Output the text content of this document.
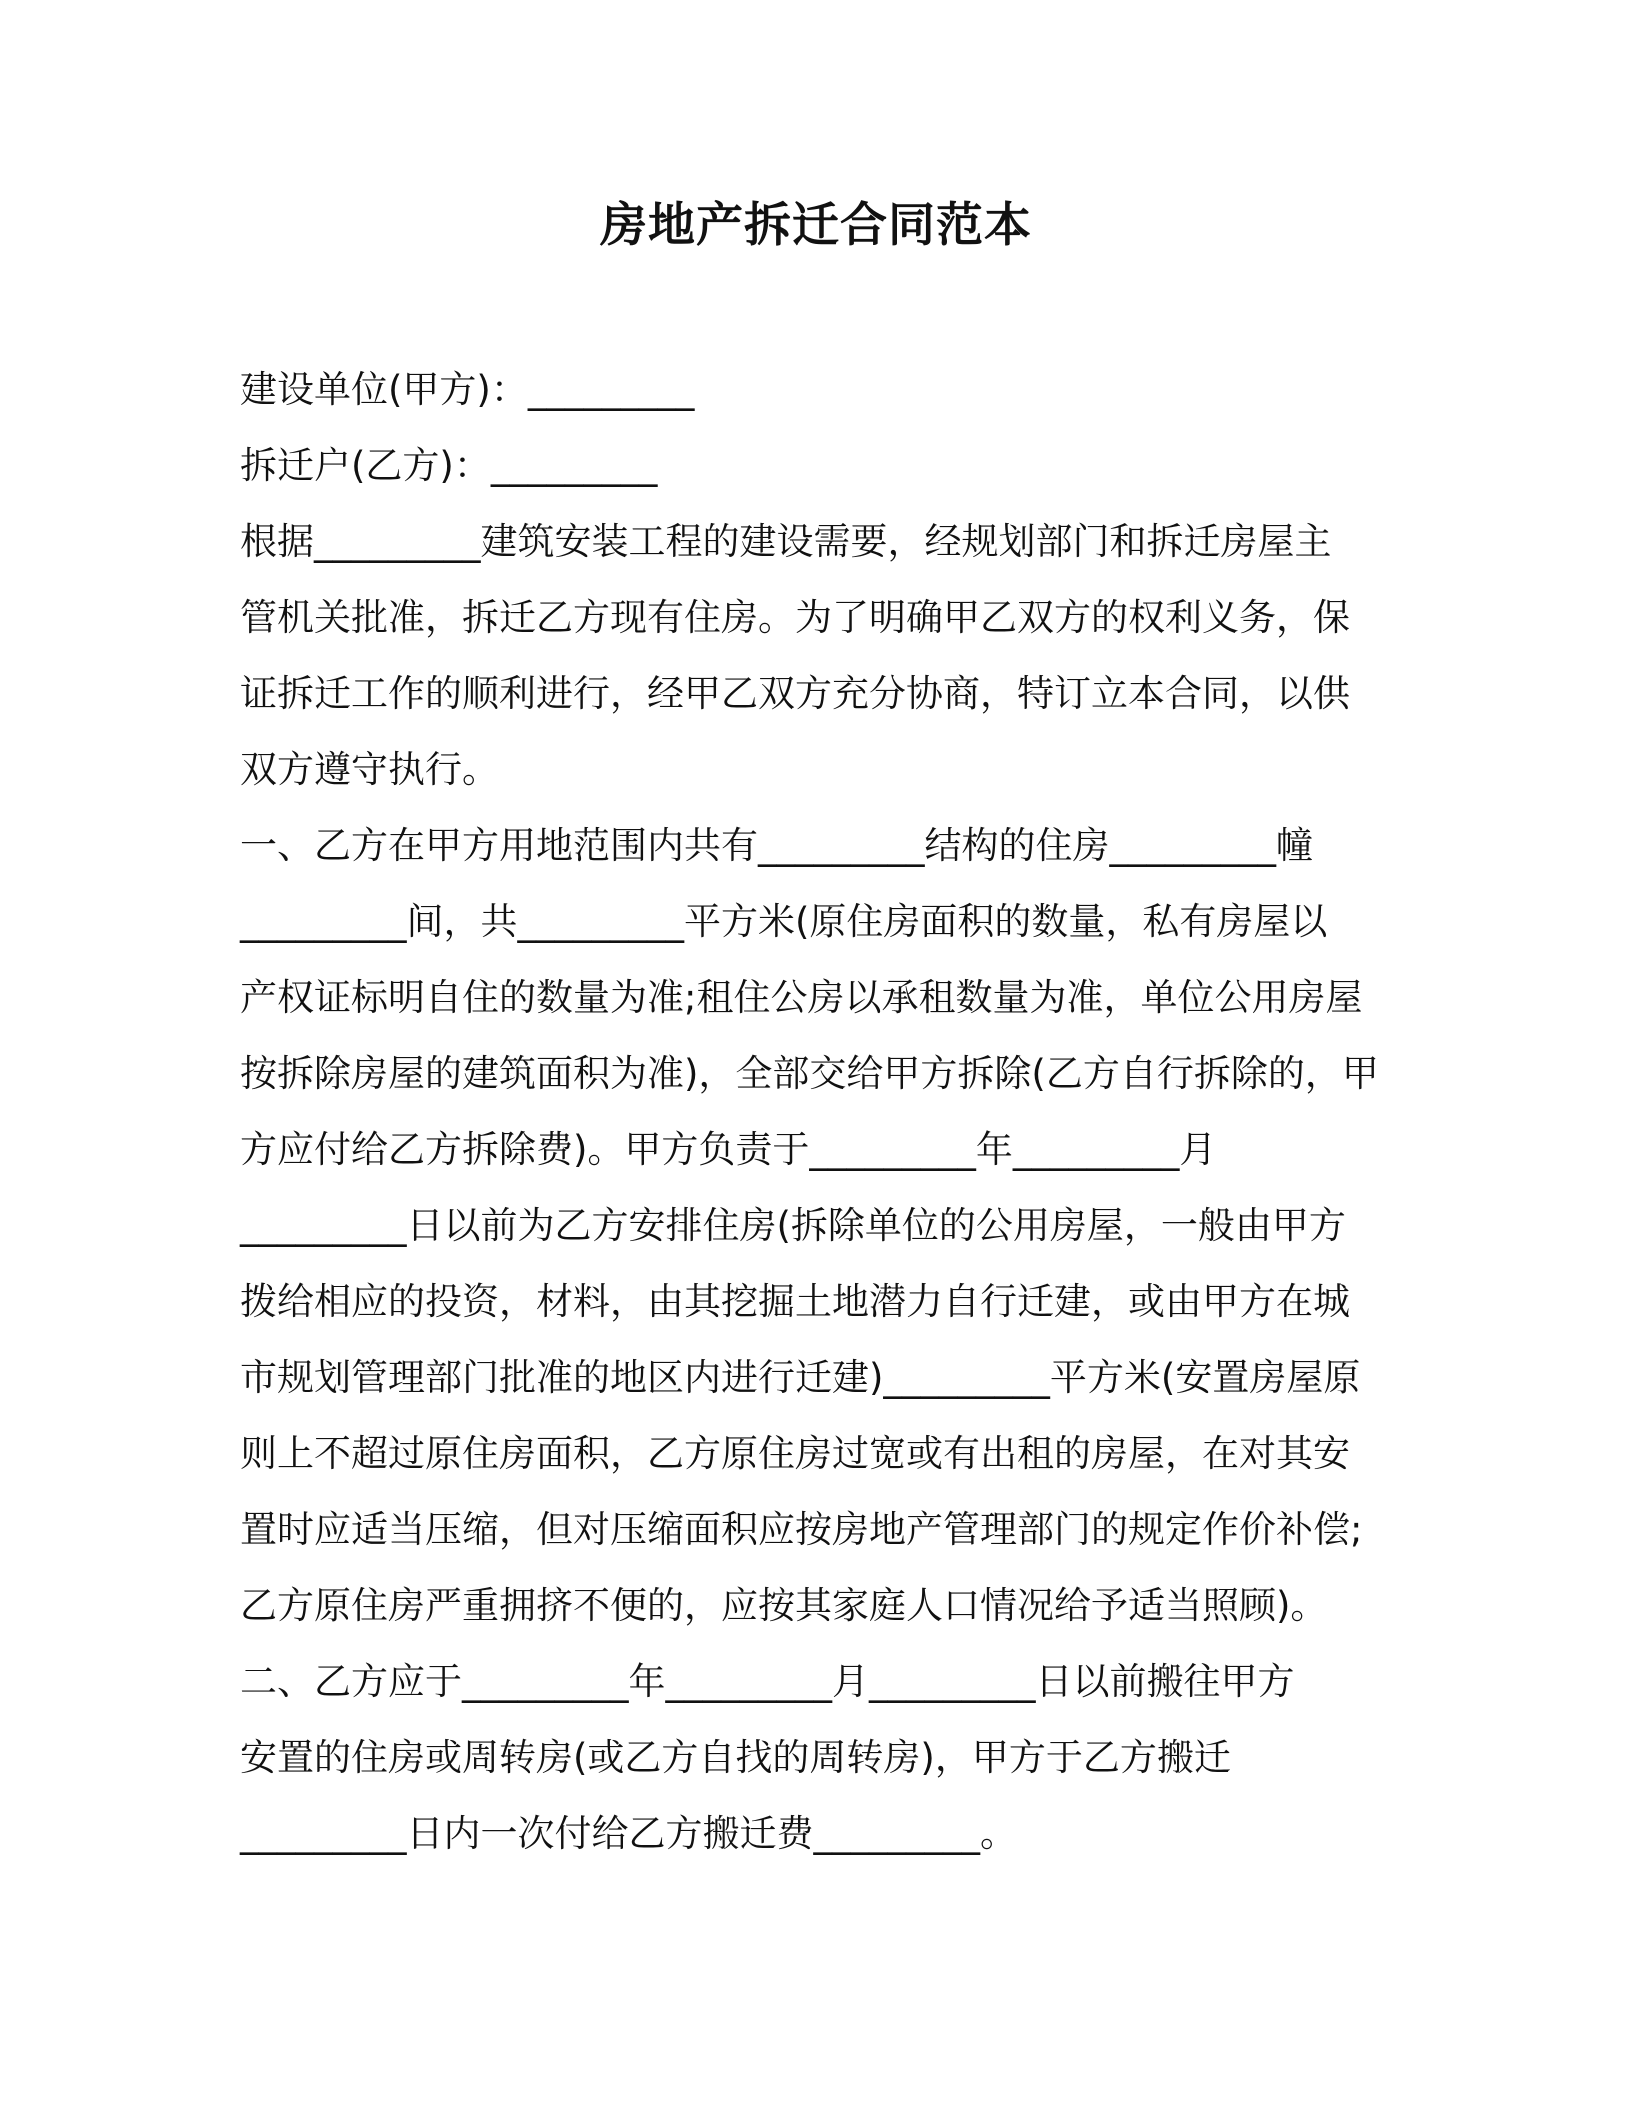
房地产拆迁合同范本
建设单位(甲方)：_________
拆迁户(乙方)：_________
根据_________建筑安装工程的建设需要，经规划部门和拆迁房屋主
管机关批准，拆迁乙方现有住房。为了明确甲乙双方的权利义务，保
证拆迁工作的顺利进行，经甲乙双方充分协商，特订立本合同，以供
双方遵守执行。
一、乙方在甲方用地范围内共有_________结构的住房_________幢
_________间，共_________平方米(原住房面积的数量，私有房屋以
产权证标明自住的数量为准;租住公房以承租数量为准，单位公用房屋
按拆除房屋的建筑面积为准)，全部交给甲方拆除(乙方自行拆除的，甲
方应付给乙方拆除费)。甲方负责于_________年_________月
_________日以前为乙方安排住房(拆除单位的公用房屋，一般由甲方
拨给相应的投资，材料，由其挖掘土地潜力自行迁建，或由甲方在城
市规划管理部门批准的地区内进行迁建)_________平方米(安置房屋原
则上不超过原住房面积，乙方原住房过宽或有出租的房屋，在对其安
置时应适当压缩，但对压缩面积应按房地产管理部门的规定作价补偿;
乙方原住房严重拥挤不便的，应按其家庭人口情况给予适当照顾)。
二、乙方应于_________年_________月_________日以前搬往甲方
安置的住房或周转房(或乙方自找的周转房)，甲方于乙方搬迁
_________日内一次付给乙方搬迁费_________。
